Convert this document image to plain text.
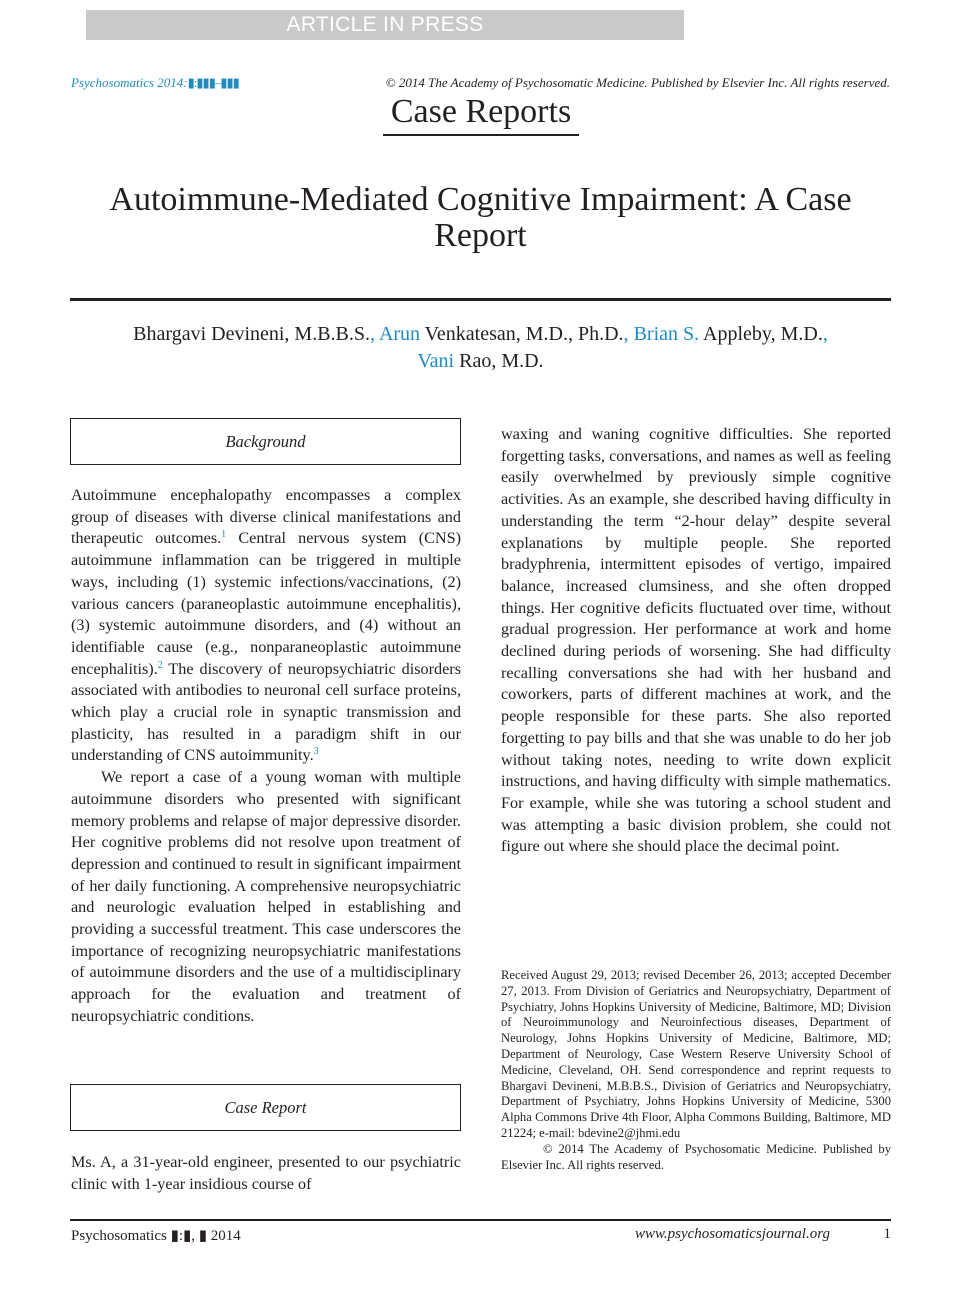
ARTICLE IN PRESS
Psychosomatics 2014:▮:▮▮▮–▮▮▮	© 2014 The Academy of Psychosomatic Medicine. Published by Elsevier Inc. All rights reserved.
Case Reports
Autoimmune-Mediated Cognitive Impairment: A Case Report
Bhargavi Devineni, M.B.B.S., Arun Venkatesan, M.D., Ph.D., Brian S. Appleby, M.D.,
Vani Rao, M.D.
Background

Autoimmune encephalopathy encompasses a complex group of diseases with diverse clinical manifestations and therapeutic outcomes.$^1$ Central nervous system (CNS) autoimmune inflammation can be triggered in multiple ways, including (1) systemic infections/vaccinations, (2) various cancers (paraneoplastic autoimmune encephalitis), (3) systemic autoimmune disorders, and (4) without an identifiable cause (e.g., nonparaneoplastic autoimmune encephalitis).$^2$ The discovery of neuropsychiatric disorders associated with antibodies to neuronal cell surface proteins, which play a crucial role in synaptic transmission and plasticity, has resulted in a paradigm shift in our understanding of CNS autoimmunity.$^3$

We report a case of a young woman with multiple autoimmune disorders who presented with significant memory problems and relapse of major depressive disorder. Her cognitive problems did not resolve upon treatment of depression and continued to result in significant impairment of her daily functioning. A comprehensive neuropsychiatric and neurologic evaluation helped in establishing and providing a successful treatment. This case underscores the importance of recognizing neuropsychiatric manifestations of autoimmune disorders and the use of a multidisciplinary approach for the evaluation and treatment of neuropsychiatric conditions.

Case Report

Ms. A, a 31-year-old engineer, presented to our psychiatric clinic with 1-year insidious course of

waxing and waning cognitive difficulties. She reported forgetting tasks, conversations, and names as well as feeling easily overwhelmed by previously simple cognitive activities. As an example, she described having difficulty in understanding the term “2-hour delay” despite several explanations by multiple people. She reported bradyphrenia, intermittent episodes of vertigo, impaired balance, increased clumsiness, and she often dropped things. Her cognitive deficits fluctuated over time, without gradual progression. Her performance at work and home declined during periods of worsening. She had difficulty recalling conversations she had with her husband and coworkers, parts of different machines at work, and the people responsible for these parts. She also reported forgetting to pay bills and that she was unable to do her job without taking notes, needing to write down explicit instructions, and having difficulty with simple mathematics. For example, while she was tutoring a school student and was attempting a basic division problem, she could not figure out where she should place the decimal point.

Received August 29, 2013; revised December 26, 2013; accepted December 27, 2013. From Division of Geriatrics and Neuropsychiatry, Department of Psychiatry, Johns Hopkins University of Medicine, Baltimore, MD; Division of Neuroimmunology and Neuroinfectious diseases, Department of Neurology, Johns Hopkins University of Medicine, Baltimore, MD; Department of Neurology, Case Western Reserve University School of Medicine, Cleveland, OH. Send correspondence and reprint requests to Bhargavi Devineni, M.B.B.S., Division of Geriatrics and Neuropsychiatry, Department of Psychiatry, Johns Hopkins University of Medicine, 5300 Alpha Commons Drive 4th Floor, Alpha Commons Building, Baltimore, MD 21224; e-mail: bdevine2@jhmi.edu

© 2014 The Academy of Psychosomatic Medicine. Published by Elsevier Inc. All rights reserved.

Psychosomatics ▮:▮, ▮ 2014	www.psychosomaticsjournal.org	1
